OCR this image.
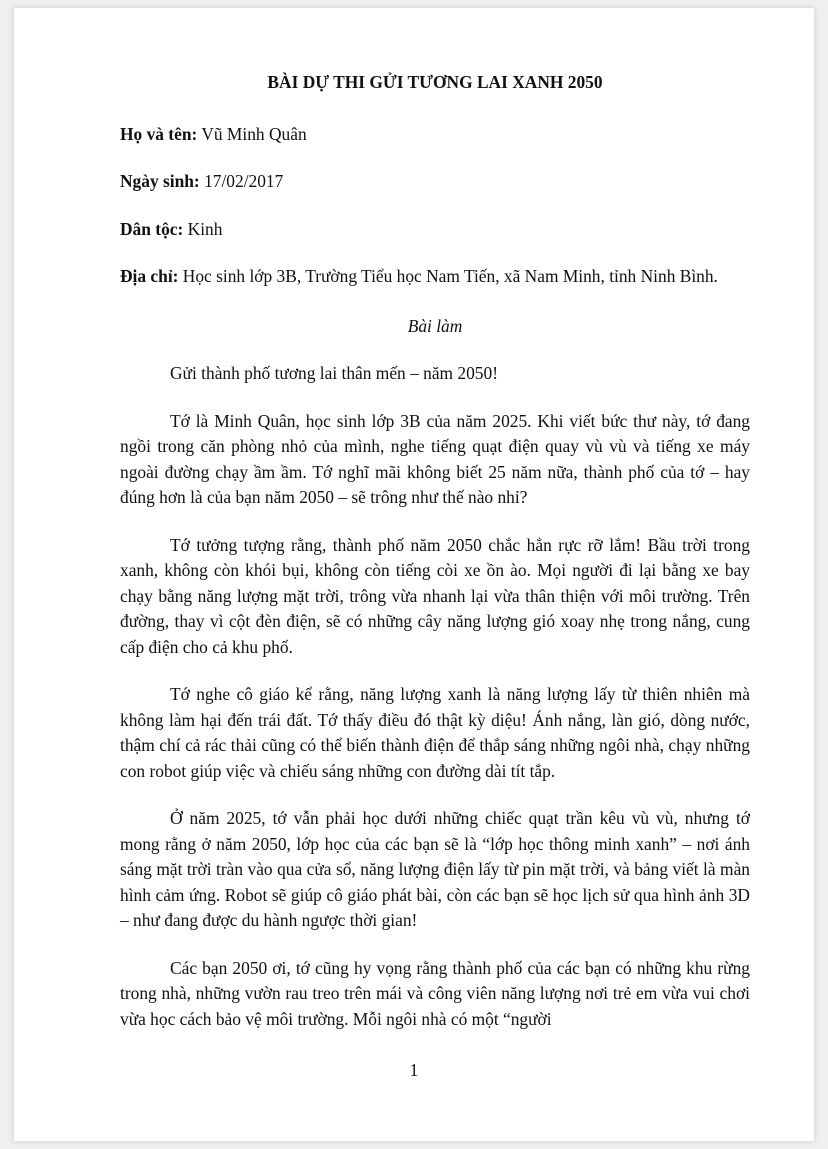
BÀI DỰ THI GỬI TƯƠNG LAI XANH 2050
Họ và tên: Vũ Minh Quân
Ngày sinh: 17/02/2017
Dân tộc: Kinh
Địa chỉ: Học sinh lớp 3B, Trường Tiểu học Nam Tiến, xã Nam Minh, tỉnh Ninh Bình.
Bài làm

Gửi thành phố tương lai thân mến – năm 2050!

Tớ là Minh Quân, học sinh lớp 3B của năm 2025. Khi viết bức thư này, tớ đang ngồi trong căn phòng nhỏ của mình, nghe tiếng quạt điện quay vù vù và tiếng xe máy ngoài đường chạy ầm ầm. Tớ nghĩ mãi không biết 25 năm nữa, thành phố của tớ – hay đúng hơn là của bạn năm 2050 – sẽ trông như thế nào nhỉ?

Tớ tưởng tượng rằng, thành phố năm 2050 chắc hẳn rực rỡ lắm! Bầu trời trong xanh, không còn khói bụi, không còn tiếng còi xe ồn ào. Mọi người đi lại bằng xe bay chạy bằng năng lượng mặt trời, trông vừa nhanh lại vừa thân thiện với môi trường. Trên đường, thay vì cột đèn điện, sẽ có những cây năng lượng gió xoay nhẹ trong nắng, cung cấp điện cho cả khu phố.

Tớ nghe cô giáo kể rằng, năng lượng xanh là năng lượng lấy từ thiên nhiên mà không làm hại đến trái đất. Tớ thấy điều đó thật kỳ diệu! Ánh nắng, làn gió, dòng nước, thậm chí cả rác thải cũng có thể biến thành điện để thắp sáng những ngôi nhà, chạy những con robot giúp việc và chiếu sáng những con đường dài tít tắp.

Ở năm 2025, tớ vẫn phải học dưới những chiếc quạt trần kêu vù vù, nhưng tớ mong rằng ở năm 2050, lớp học của các bạn sẽ là “lớp học thông minh xanh” – nơi ánh sáng mặt trời tràn vào qua cửa sổ, năng lượng điện lấy từ pin mặt trời, và bảng viết là màn hình cảm ứng. Robot sẽ giúp cô giáo phát bài, còn các bạn sẽ học lịch sử qua hình ảnh 3D – như đang được du hành ngược thời gian!

Các bạn 2050 ơi, tớ cũng hy vọng rằng thành phố của các bạn có những khu rừng trong nhà, những vườn rau treo trên mái và công viên năng lượng nơi trẻ em vừa vui chơi vừa học cách bảo vệ môi trường. Mỗi ngôi nhà có một “người

1
